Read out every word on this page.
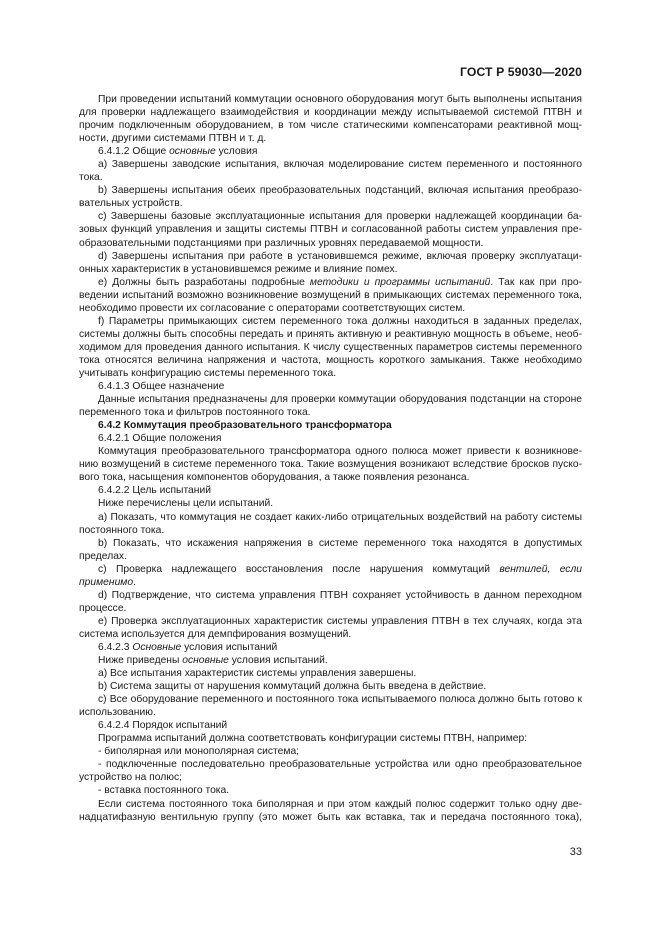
ГОСТ Р 59030—2020

При проведении испытаний коммутации основного оборудования могут быть выполнены испытания для проверки надлежащего взаимодействия и координации между испытываемой системой ПТВН и прочим подключенным оборудованием, в том числе статическими компенсаторами реактивной мощности, другими системами ПТВН и т. д.

6.4.1.2 Общие основные условия

a) Завершены заводские испытания, включая моделирование систем переменного и постоянного тока.

b) Завершены испытания обеих преобразовательных подстанций, включая испытания преобразовательных устройств.

c) Завершены базовые эксплуатационные испытания для проверки надлежащей координации базовых функций управления и защиты системы ПТВН и согласованной работы систем управления преобразовательными подстанциями при различных уровнях передаваемой мощности.

d) Завершены испытания при работе в установившемся режиме, включая проверку эксплуатационных характеристик в установившемся режиме и влияние помех.

e) Должны быть разработаны подробные методики и программы испытаний. Так как при проведении испытаний возможно возникновение возмущений в примыкающих системах переменного тока, необходимо провести их согласование с операторами соответствующих систем.

f) Параметры примыкающих систем переменного тока должны находиться в заданных пределах, системы должны быть способны передать и принять активную и реактивную мощность в объеме, необходимом для проведения данного испытания. К числу существенных параметров системы переменного тока относятся величина напряжения и частота, мощность короткого замыкания. Также необходимо учитывать конфигурацию системы переменного тока.

6.4.1.3 Общее назначение

Данные испытания предназначены для проверки коммутации оборудования подстанции на стороне переменного тока и фильтров постоянного тока.

6.4.2 Коммутация преобразовательного трансформатора

6.4.2.1 Общие положения

Коммутация преобразовательного трансформатора одного полюса может привести к возникновению возмущений в системе переменного тока. Такие возмущения возникают вследствие бросков пускового тока, насыщения компонентов оборудования, а также появления резонанса.

6.4.2.2 Цель испытаний

Ниже перечислены цели испытаний.

a) Показать, что коммутация не создает каких-либо отрицательных воздействий на работу системы постоянного тока.

b) Показать, что искажения напряжения в системе переменного тока находятся в допустимых пределах.

c) Проверка надлежащего восстановления после нарушения коммутаций вентилей, если применимо.

d) Подтверждение, что система управления ПТВН сохраняет устойчивость в данном переходном процессе.

e) Проверка эксплуатационных характеристик системы управления ПТВН в тех случаях, когда эта система используется для демпфирования возмущений.

6.4.2.3 Основные условия испытаний

Ниже приведены основные условия испытаний.

a) Все испытания характеристик системы управления завершены.

b) Система защиты от нарушения коммутаций должна быть введена в действие.

c) Все оборудование переменного и постоянного тока испытываемого полюса должно быть готово к использованию.

6.4.2.4 Порядок испытаний

Программа испытаний должна соответствовать конфигурации системы ПТВН, например:

- биполярная или монополярная система;

- подключенные последовательно преобразовательные устройства или одно преобразовательное устройство на полюс;

- вставка постоянного тока.

Если система постоянного тока биполярная и при этом каждый полюс содержит только одну двенадцатифазную вентильную группу (это может быть как вставка, так и передача постоянного тока),

33
